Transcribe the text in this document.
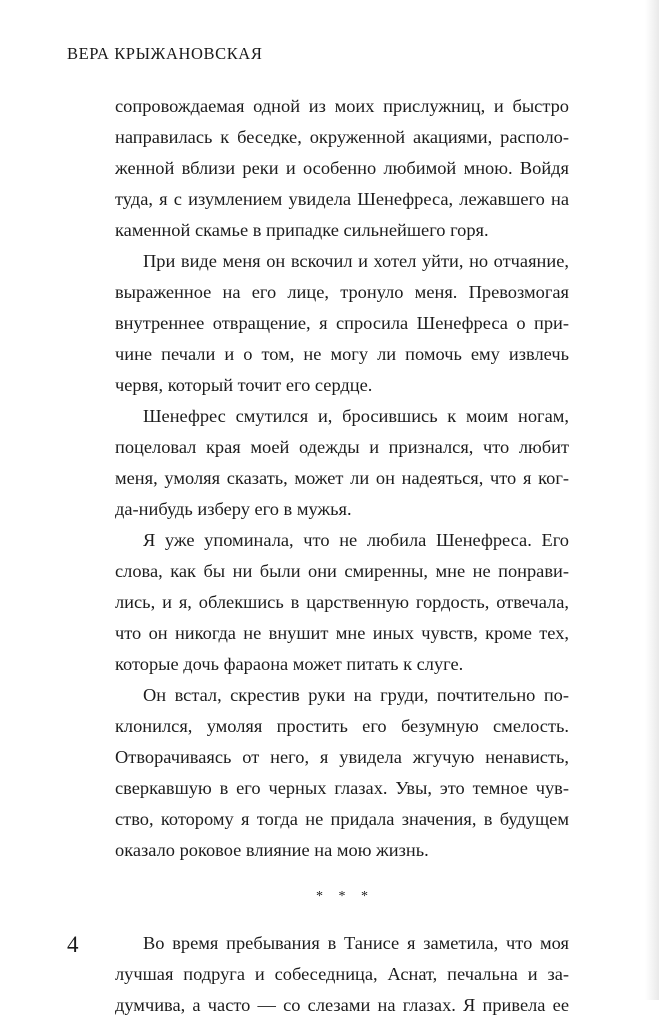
ВЕРА КРЫЖАНОВСКАЯ

сопровождаемая одной из моих прислужниц, и быстро
направилась к беседке, окруженной акациями, располо-
женной вблизи реки и особенно любимой мною. Войдя
туда, я с изумлением увидела Шенефреса, лежавшего на
каменной скамье в припадке сильнейшего горя.

При виде меня он вскочил и хотел уйти, но отчаяние,
выраженное на его лице, тронуло меня. Превозмогая
внутреннее отвращение, я спросила Шенефреса о при-
чине печали и о том, не могу ли помочь ему извлечь
червя, который точит его сердце.

Шенефрес смутился и, бросившись к моим ногам,
поцеловал края моей одежды и признался, что любит
меня, умоляя сказать, может ли он надеяться, что я ког-
да-нибудь изберу его в мужья.

Я уже упоминала, что не любила Шенефреса. Его
слова, как бы ни были они смиренны, мне не понрави-
лись, и я, облекшись в царственную гордость, отвечала,
что он никогда не внушит мне иных чувств, кроме тех,
которые дочь фараона может питать к слуге.

Он встал, скрестив руки на груди, почтительно по-
клонился, умоляя простить его безумную смелость.
Отворачиваясь от него, я увидела жгучую ненависть,
сверкавшую в его черных глазах. Увы, это темное чув-
ство, которому я тогда не придала значения, в будущем
оказало роковое влияние на мою жизнь.

* * *

Во время пребывания в Танисе я заметила, что моя
лучшая подруга и собеседница, Аснат, печальна и за-
думчива, а часто — со слезами на глазах. Я привела ее

4
